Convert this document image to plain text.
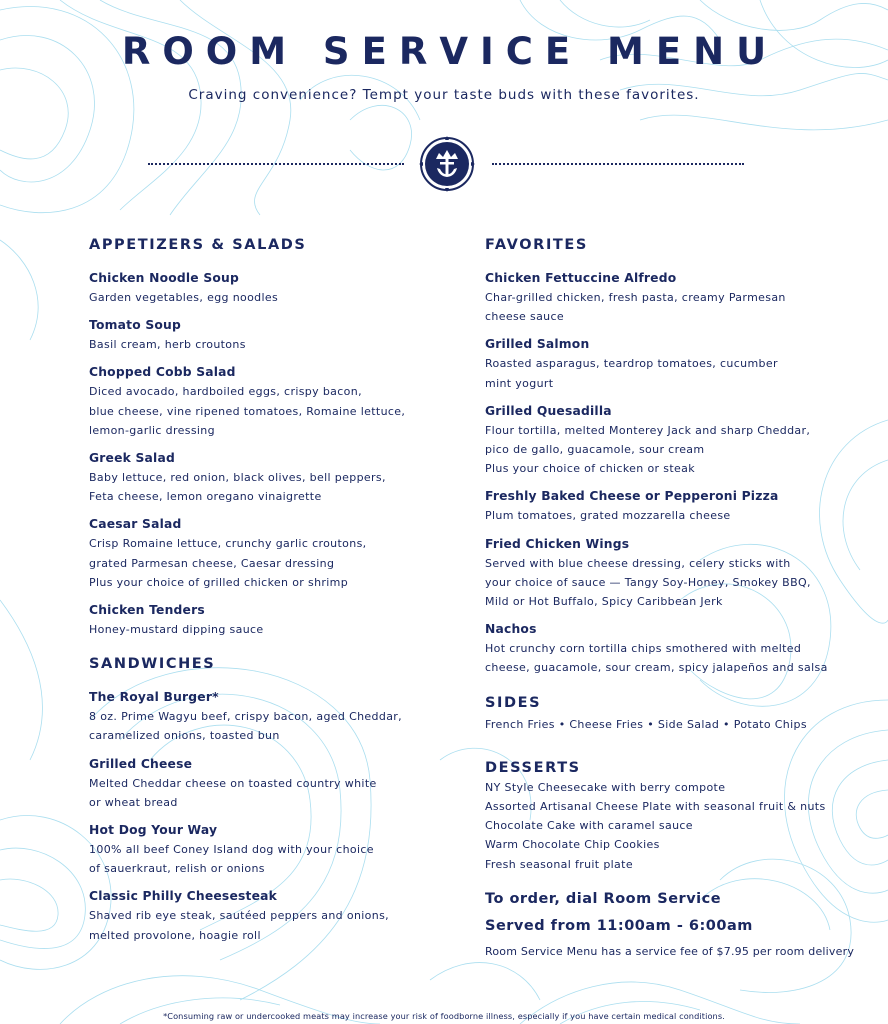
ROOM SERVICE MENU
Craving convenience? Tempt your taste buds with these favorites.
APPETIZERS & SALADS
Chicken Noodle Soup
Garden vegetables, egg noodles
Tomato Soup
Basil cream, herb croutons
Chopped Cobb Salad
Diced avocado, hardboiled eggs, crispy bacon,
blue cheese, vine ripened tomatoes, Romaine lettuce,
lemon-garlic dressing
Greek Salad
Baby lettuce, red onion, black olives, bell peppers,
Feta cheese, lemon oregano vinaigrette
Caesar Salad
Crisp Romaine lettuce, crunchy garlic croutons,
grated Parmesan cheese, Caesar dressing
Plus your choice of grilled chicken or shrimp
Chicken Tenders
Honey-mustard dipping sauce
SANDWICHES
The Royal Burger*
8 oz. Prime Wagyu beef, crispy bacon, aged Cheddar,
caramelized onions, toasted bun
Grilled Cheese
Melted Cheddar cheese on toasted country white
or wheat bread
Hot Dog Your Way
100% all beef Coney Island dog with your choice
of sauerkraut, relish or onions
Classic Philly Cheesesteak
Shaved rib eye steak, sautéed peppers and onions,
melted provolone, hoagie roll
FAVORITES
Chicken Fettuccine Alfredo
Char-grilled chicken, fresh pasta, creamy Parmesan
cheese sauce
Grilled Salmon
Roasted asparagus, teardrop tomatoes, cucumber
mint yogurt
Grilled Quesadilla
Flour tortilla, melted Monterey Jack and sharp Cheddar,
pico de gallo, guacamole, sour cream
Plus your choice of chicken or steak
Freshly Baked Cheese or Pepperoni Pizza
Plum tomatoes, grated mozzarella cheese
Fried Chicken Wings
Served with blue cheese dressing, celery sticks with
your choice of sauce — Tangy Soy-Honey, Smokey BBQ,
Mild or Hot Buffalo, Spicy Caribbean Jerk
Nachos
Hot crunchy corn tortilla chips smothered with melted
cheese, guacamole, sour cream, spicy jalapeños and salsa
SIDES
French Fries • Cheese Fries • Side Salad • Potato Chips
DESSERTS
NY Style Cheesecake with berry compote
Assorted Artisanal Cheese Plate with seasonal fruit & nuts
Chocolate Cake with caramel sauce
Warm Chocolate Chip Cookies
Fresh seasonal fruit plate
To order, dial Room Service
Served from 11:00am - 6:00am
Room Service Menu has a service fee of $7.95 per room delivery
*Consuming raw or undercooked meats may increase your risk of foodborne illness, especially if you have certain medical conditions.
